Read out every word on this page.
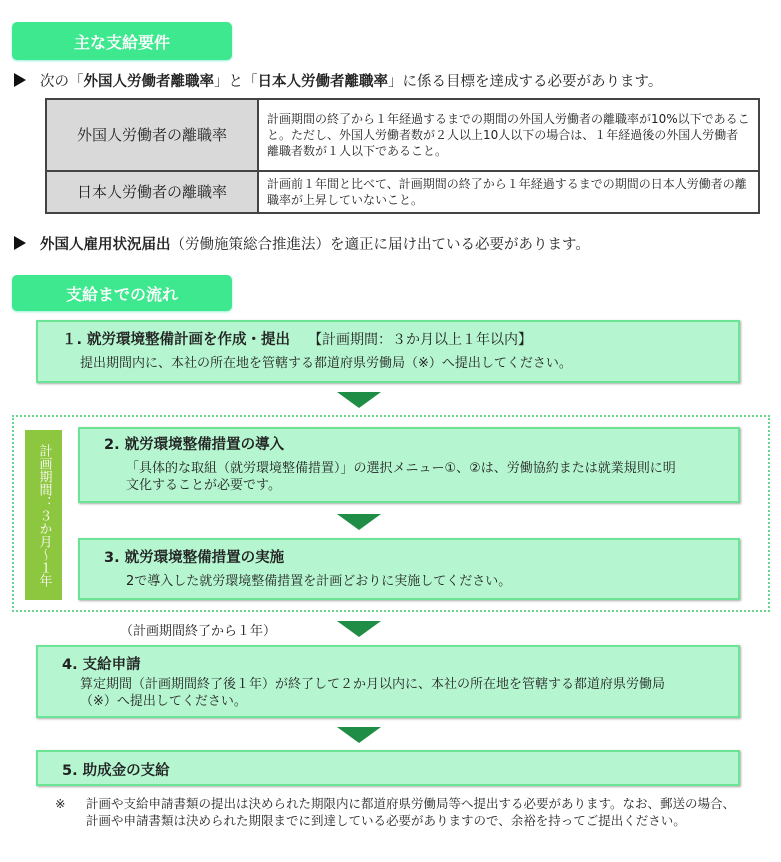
主な支給要件
次の「外国人労働者離職率」と「日本人労働者離職率」に係る目標を達成する必要があります。
外国人労働者の離職率	計画期間の終了から１年経過するまでの期間の外国人労働者の離職率が10%以下であること。ただし、外国人労働者数が２人以上10人以下の場合は、１年経過後の外国人労働者離職者数が１人以下であること。
日本人労働者の離職率	計画前１年間と比べて、計画期間の終了から１年経過するまでの期間の日本人労働者の離職率が上昇していないこと。
外国人雇用状況届出（労働施策総合推進法）を適正に届け出ている必要があります。
支給までの流れ
１. 就労環境整備計画を作成・提出 【計画期間：３か月以上１年以内】
提出期間内に、本社の所在地を管轄する都道府県労働局（※）へ提出してください。
計画期間：３か月〜１年	2. 就労環境整備措置の導入
「具体的な取組（就労環境整備措置）」の選択メニュー①、②は、労働協約または就業規則に明文化することが必要です。
3. 就労環境整備措置の実施
2で導入した就労環境整備措置を計画どおりに実施してください。
（計画期間終了から１年）
4. 支給申請
算定期間（計画期間終了後１年）が終了して２か月以内に、本社の所在地を管轄する都道府県労働局（※）へ提出してください。
5. 助成金の支給
※ 計画や支給申請書類の提出は決められた期限内に都道府県労働局等へ提出する必要があります。なお、郵送の場合、計画や申請書類は決められた期限までに到達している必要がありますので、余裕を持ってご提出ください。
